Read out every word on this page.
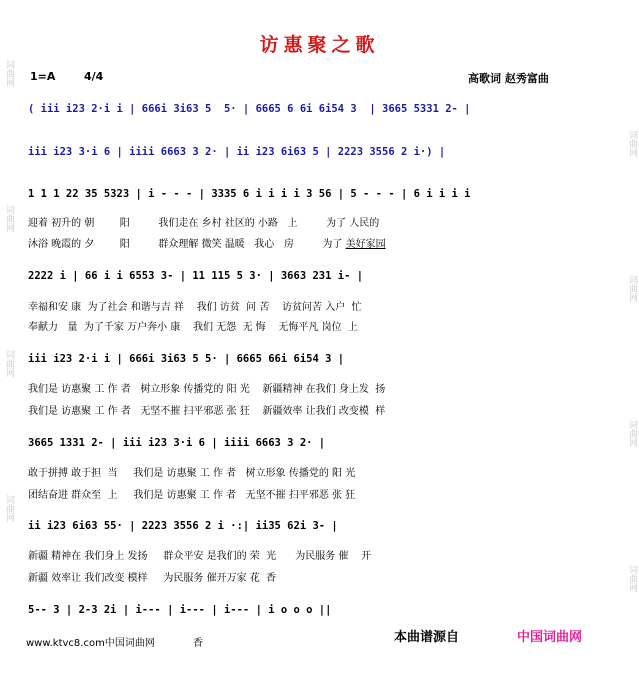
词曲网
词曲网
词曲网
词曲网
词曲网
词曲网
词曲网
词曲网
访惠聚之歌
1=A	4/4	高歌词 赵秀富曲
( iii i23 2·i i | 666i 3i63 5  5· | 6665 6 6i 6i54 3  | 3665 5331 2- |
iii i23 3·i 6 | iiii 6663 3 2· | ii i23 6i63 5 | 2223 3556 2 i·) |
1 1 1 22 35 5323 | i - - - | 3335 6 i i i i 3 56 | 5 - - - | 6 i i i i
迎着 初升的 朝        阳         我们走在 乡村 社区的 小路   上         为了 人民的
沐浴 晚霞的 夕        阳         群众理解 微笑 温暖   我心   房         为了 美好家园
2222 i | 66 i i 6553 3- | 11 115 5 3· | 3663 231 i- |
幸福和安 康  为了社会 和谐与吉 祥    我们 访贫  问 苦    访贫问苦 入户  忙
奉献力   量  为了千家 万户奔小 康    我们 无怨  无 悔    无悔平凡 岗位  上
iii i23 2·i i | 666i 3i63 5 5· | 6665 66i 6i54 3 |
我们是 访惠聚 工 作 者   树立形象 传播党的 阳 光    新疆精神 在我们 身上发  扬
我们是 访惠聚 工 作 者   无坚不摧 扫平邪恶 张 狂    新疆效率 让我们 改变模  样
3665 1331 2- | iii i23 3·i 6 | iiii 6663 3 2· |
敢于拼搏 敢于担  当     我们是 访惠聚 工 作 者   树立形象 传播党的 阳 光
团结奋进 群众至  上     我们是 访惠聚 工 作 者   无坚不摧 扫平邪恶 张 狂
ii i23 6i63 55· | 2223 3556 2 i ·:| ii35 62i 3- |
新疆 精神在 我们身上 发扬     群众平安 是我们的 荣  光      为民服务 催    开
新疆 效率让 我们改变 模样     为民服务 催开万家 花  香
5-- 3 | 2-3 2i | i--- | i--- | i--- | i o o o ||
www.ktvc8.com中国词曲网	香	本曲谱源自	中国词曲网
